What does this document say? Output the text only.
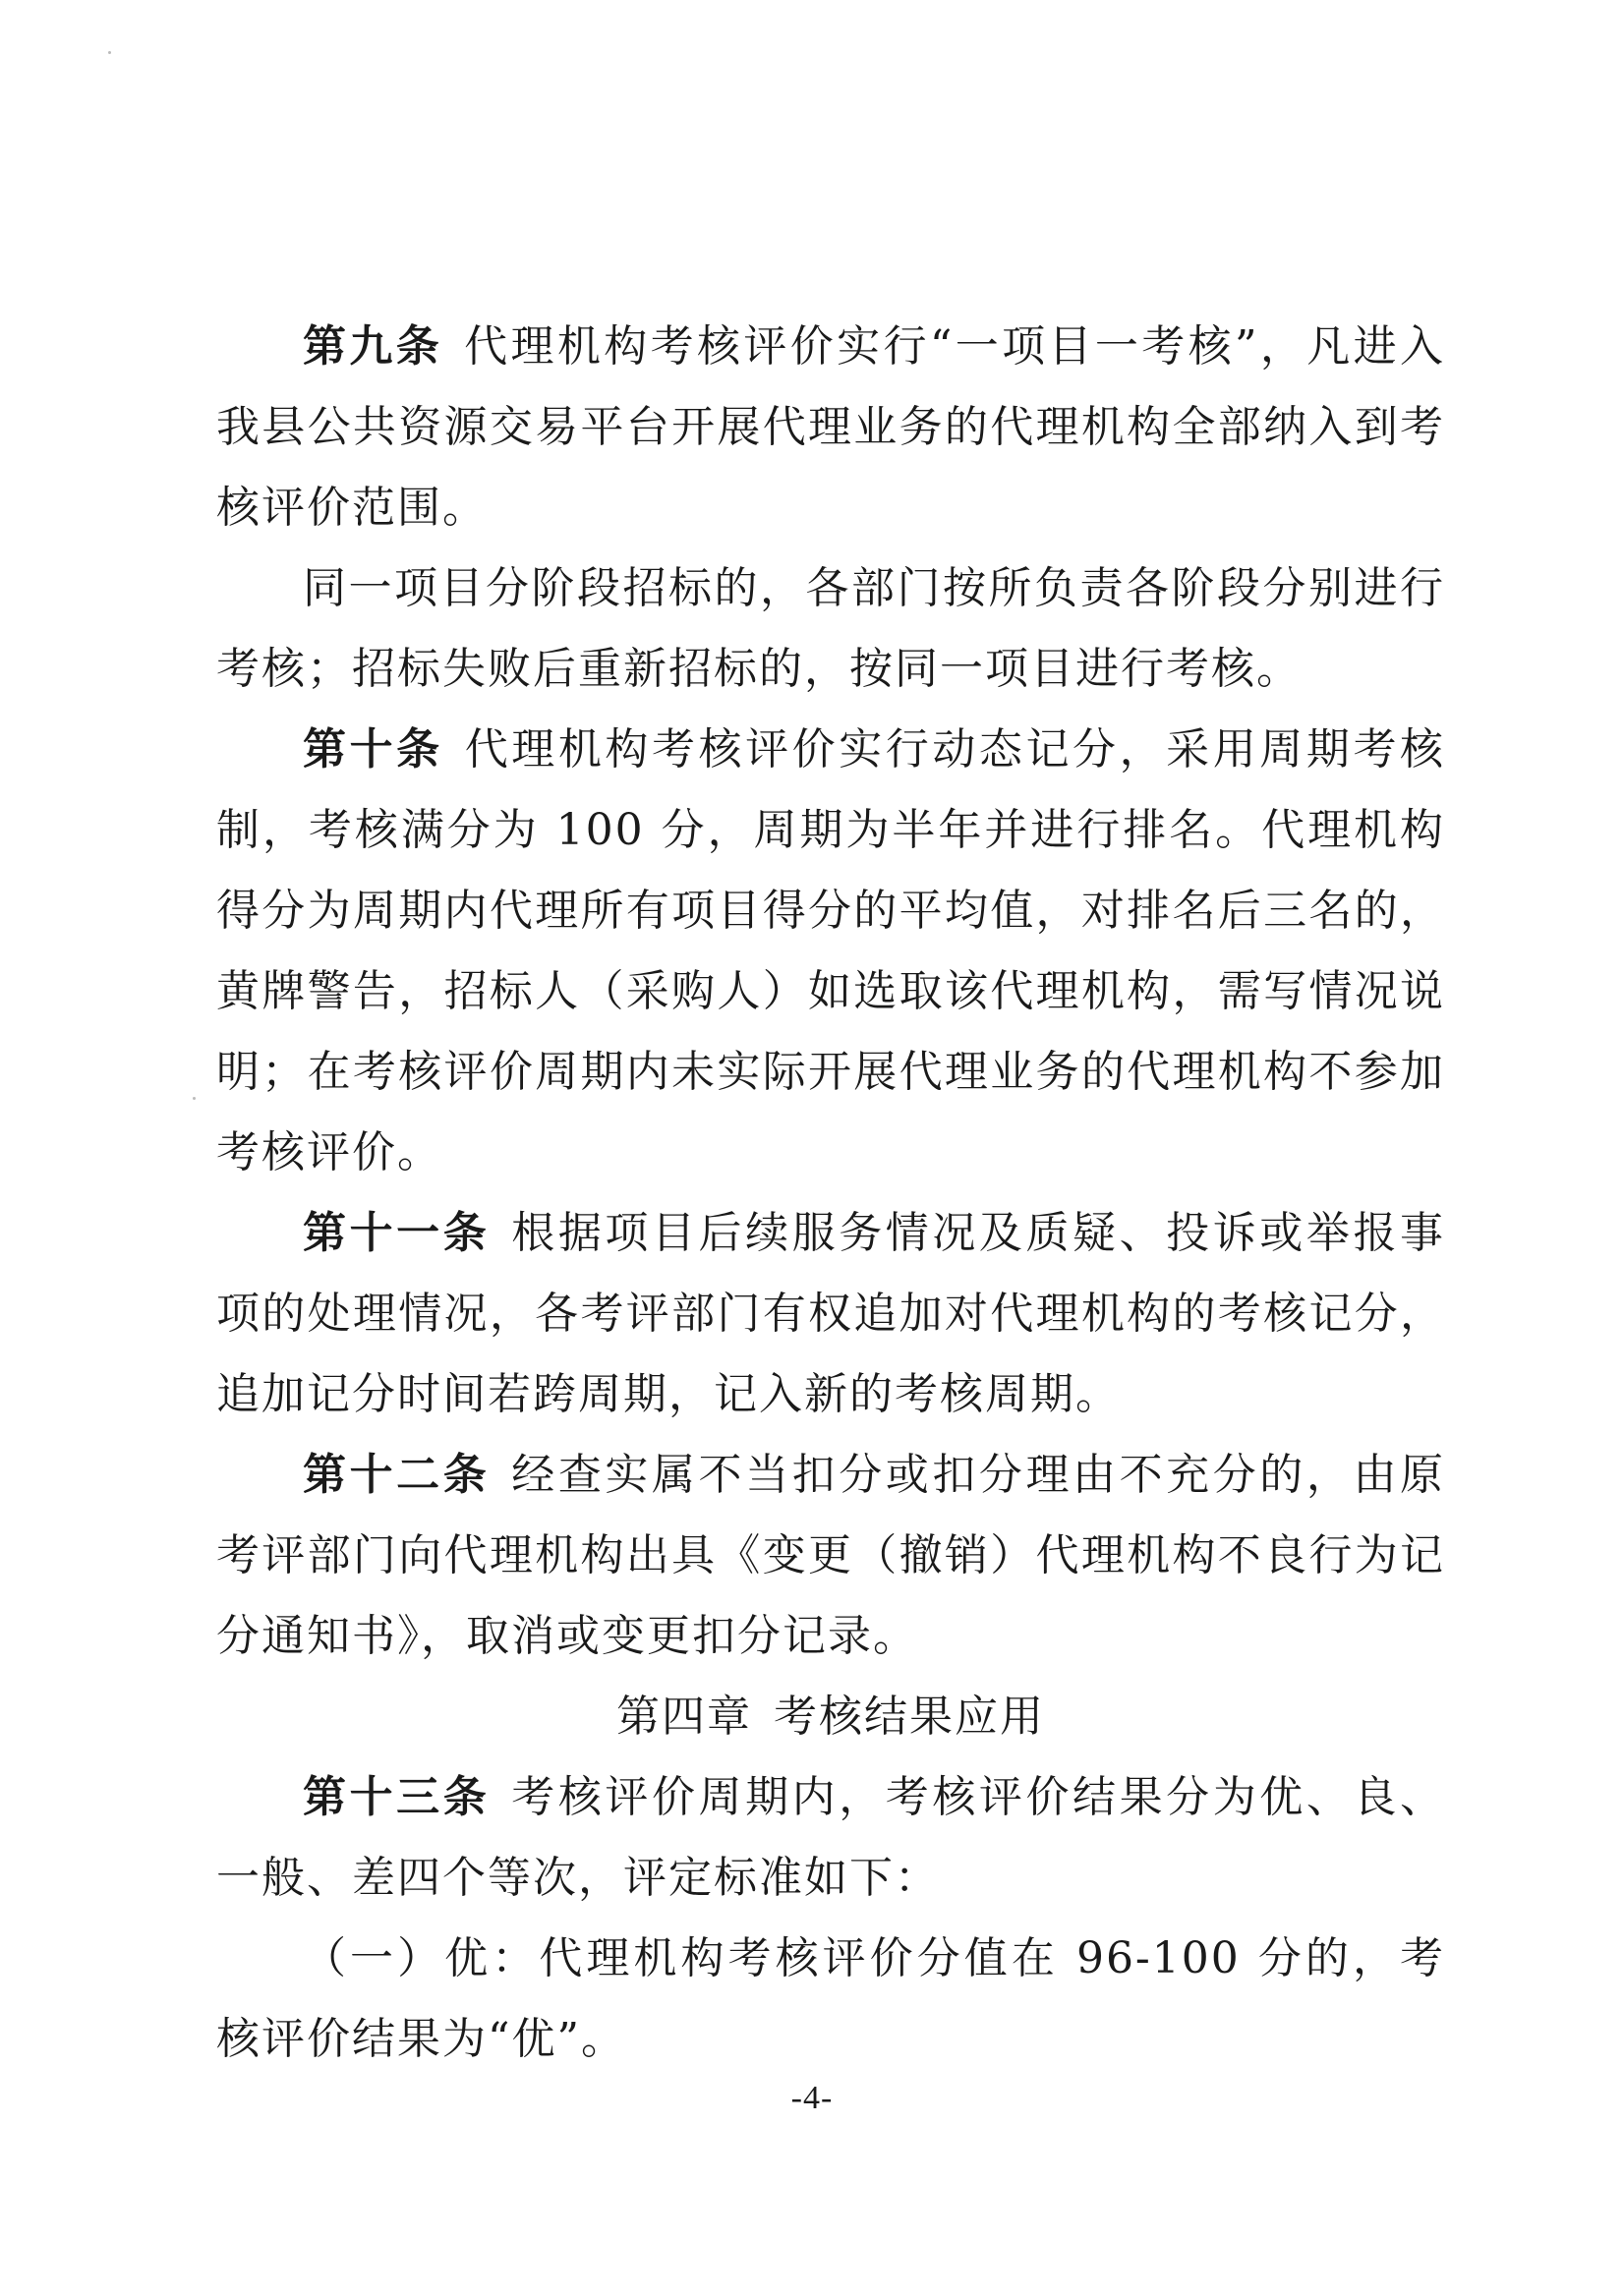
第九条 代理机构考核评价实行“一项目一考核”，凡进入我县公共资源交易平台开展代理业务的代理机构全部纳入到考核评价范围。

同一项目分阶段招标的，各部门按所负责各阶段分别进行考核；招标失败后重新招标的，按同一项目进行考核。

第十条 代理机构考核评价实行动态记分，采用周期考核制，考核满分为 100 分，周期为半年并进行排名。代理机构得分为周期内代理所有项目得分的平均值，对排名后三名的，黄牌警告，招标人（采购人）如选取该代理机构，需写情况说明；在考核评价周期内未实际开展代理业务的代理机构不参加考核评价。

第十一条 根据项目后续服务情况及质疑、投诉或举报事项的处理情况，各考评部门有权追加对代理机构的考核记分，追加记分时间若跨周期，记入新的考核周期。

第十二条 经查实属不当扣分或扣分理由不充分的，由原考评部门向代理机构出具《变更（撤销）代理机构不良行为记分通知书》，取消或变更扣分记录。

第四章 考核结果应用

第十三条 考核评价周期内，考核评价结果分为优、良、一般、差四个等次，评定标准如下：

（一）优：代理机构考核评价分值在 96-100 分的，考核评价结果为“优”。

-4-
